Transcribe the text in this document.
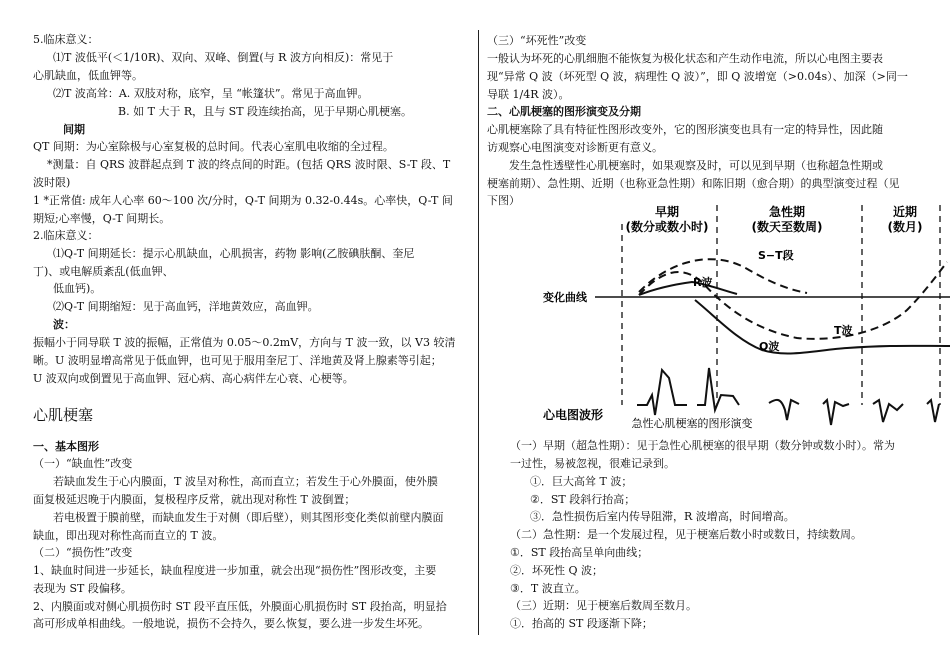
5.临床意义：
⑴T 波低平(＜1/10R)、双向、双峰、倒置(与 R 波方向相反)：常见于
心肌缺血，低血钾等。
⑵T 波高耸：A. 双肢对称，底窄，呈 “帐篷状”。常见于高血钾。
B. 如 T 大于 R，且与 ST 段连续抬高，见于早期心肌梗塞。
间期
QT 间期：为心室除极与心室复极的总时间。代表心室肌电收缩的全过程。
*测量：自 QRS 波群起点到 T 波的终点间的时距。(包括 QRS 波时限、S-T 段、T
波时限)
1 *正常值: 成年人心率 60～100 次/分时，Q-T 间期为 0.32-0.44s。心率快，Q-T 间
期短;心率慢，Q-T 间期长。
2.临床意义：
⑴Q-T 间期延长：提示心肌缺血，心肌损害，药物 影响(乙胺碘肤酮、奎尼
丁)、或电解质紊乱(低血钾、
低血钙)。
⑵Q-T 间期缩短：见于高血钙，洋地黄效应，高血钾。
波：
振幅小于同导联 T 波的振幅，正常值为 0.05～0.2mV，方向与 T 波一致，以 V3 较清
晰。U 波明显增高常见于低血钾，也可见于服用奎尼丁、洋地黄及肾上腺素等引起；
U 波双向或倒置见于高血钾、冠心病、高心病伴左心衰、心梗等。
心肌梗塞
一、基本图形
（一）“缺血性”改变
若缺血发生于心内膜面，T 波呈对称性，高而直立；若发生于心外膜面，使外膜
面复极延迟晚于内膜面，复极程序反常，就出现对称性 T 波倒置；
若电极置于膜前壁，而缺血发生于对侧（即后壁），则其图形变化类似前壁内膜面
缺血，即出现对称性高而直立的 T 波。
（二）“损伤性”改变
1、缺血时间进一步延长，缺血程度进一步加重，就会出现“损伤性”图形改变，主要
表现为 ST 段偏移。
2、内膜面或对侧心肌损伤时 ST 段平直压低，外膜面心肌损伤时 ST 段抬高，明显拾
高可形成单相曲线。一般地说，损伤不会持久，要么恢复，要么进一步发生坏死。
（三）“坏死性”改变
一般认为坏死的心肌细胞不能恢复为极化状态和产生动作电流，所以心电图主要表
现“异常 Q 波（坏死型 Q 波，病理性 Q 波）”，即 Q 波增宽（>0.04s）、加深（>同一
导联 1/4R 波）。
二、心肌梗塞的图形演变及分期
心肌梗塞除了具有特征性图形改变外，它的图形演变也具有一定的特异性，因此随
访观察心电图演变对诊断更有意义。
发生急性透壁性心肌梗塞时，如果观察及时，可以见到早期（也称超急性期或
梗塞前期）、急性期、近期（也称亚急性期）和陈旧期（愈合期）的典型演变过程（见
下图）
（一）早期（超急性期）：见于急性心肌梗塞的很早期（数分钟或数小时）。常为
一过性，易被忽视，很难记录到。
①．巨大高耸 T 波；
②．ST 段斜行抬高；
③．急性损伤后室内传导阻滞，R 波增高，时间增高。
（二）急性期：是一个发展过程，见于梗塞后数小时或数日，持续数周。
①．ST 段抬高呈单向曲线；
②．坏死性 Q 波；
③．T 波直立。
（三）近期：见于梗塞后数周至数月。
①．抬高的 ST 段逐渐下降；
早期
(数分或数小时)
急性期
(数天至数周)
近期
(数月)
变化曲线
S−T段
T波
R波
Q波
心电图波形
急性心肌梗塞的图形演变
